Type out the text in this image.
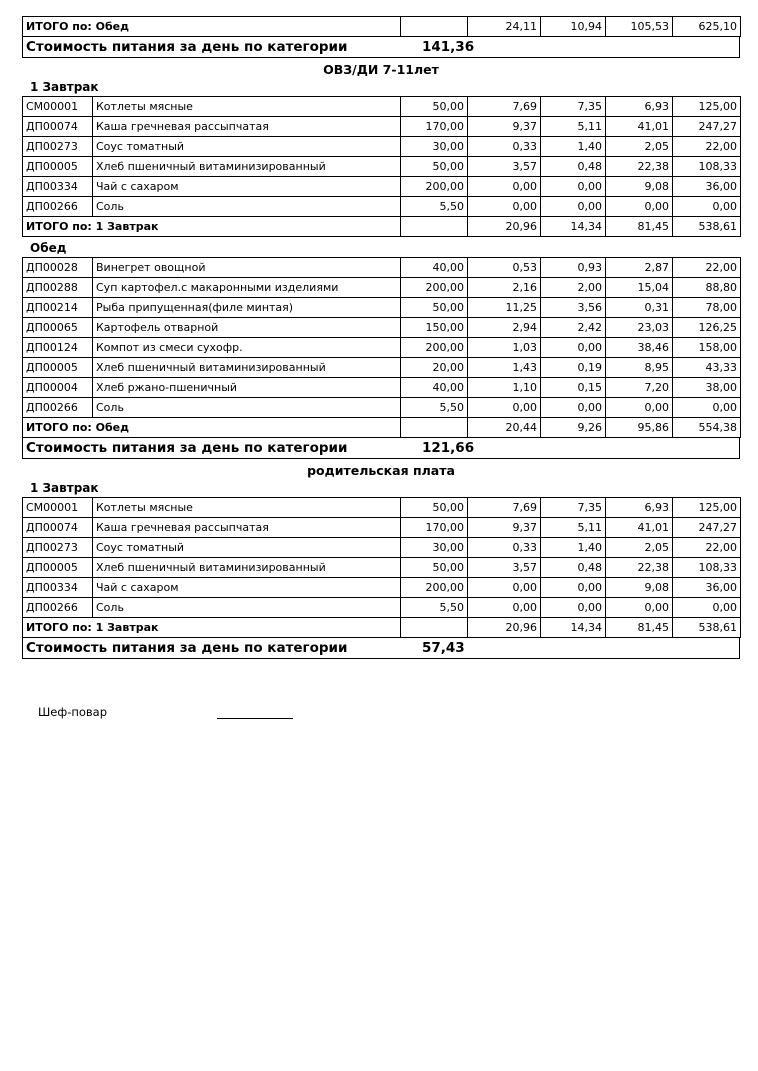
ИТОГО по: Обед		24,11	10,94	105,53	625,10
Стоимость питания за день по категории	141,36
ОВЗ/ДИ 7-11лет
1 Завтрак
СМ00001	Котлеты мясные	50,00	7,69	7,35	6,93	125,00
ДП00074	Каша гречневая рассыпчатая	170,00	9,37	5,11	41,01	247,27
ДП00273	Соус томатный	30,00	0,33	1,40	2,05	22,00
ДП00005	Хлеб пшеничный витаминизированный	50,00	3,57	0,48	22,38	108,33
ДП00334	Чай с сахаром	200,00	0,00	0,00	9,08	36,00
ДП00266	Соль	5,50	0,00	0,00	0,00	0,00
ИТОГО по: 1 Завтрак			20,96	14,34	81,45	538,61
Обед
ДП00028	Винегрет овощной	40,00	0,53	0,93	2,87	22,00
ДП00288	Суп картофел.с макаронными изделиями	200,00	2,16	2,00	15,04	88,80
ДП00214	Рыба припущенная(филе минтая)	50,00	11,25	3,56	0,31	78,00
ДП00065	Картофель отварной	150,00	2,94	2,42	23,03	126,25
ДП00124	Компот из смеси сухофр.	200,00	1,03	0,00	38,46	158,00
ДП00005	Хлеб пшеничный витаминизированный	20,00	1,43	0,19	8,95	43,33
ДП00004	Хлеб ржано-пшеничный	40,00	1,10	0,15	7,20	38,00
ДП00266	Соль	5,50	0,00	0,00	0,00	0,00
ИТОГО по: Обед			20,44	9,26	95,86	554,38
Стоимость питания за день по категории	121,66
родительская плата
1 Завтрак
СМ00001	Котлеты мясные	50,00	7,69	7,35	6,93	125,00
ДП00074	Каша гречневая рассыпчатая	170,00	9,37	5,11	41,01	247,27
ДП00273	Соус томатный	30,00	0,33	1,40	2,05	22,00
ДП00005	Хлеб пшеничный витаминизированный	50,00	3,57	0,48	22,38	108,33
ДП00334	Чай с сахаром	200,00	0,00	0,00	9,08	36,00
ДП00266	Соль	5,50	0,00	0,00	0,00	0,00
ИТОГО по: 1 Завтрак			20,96	14,34	81,45	538,61
Стоимость питания за день по категории	57,43
Шеф-повар
